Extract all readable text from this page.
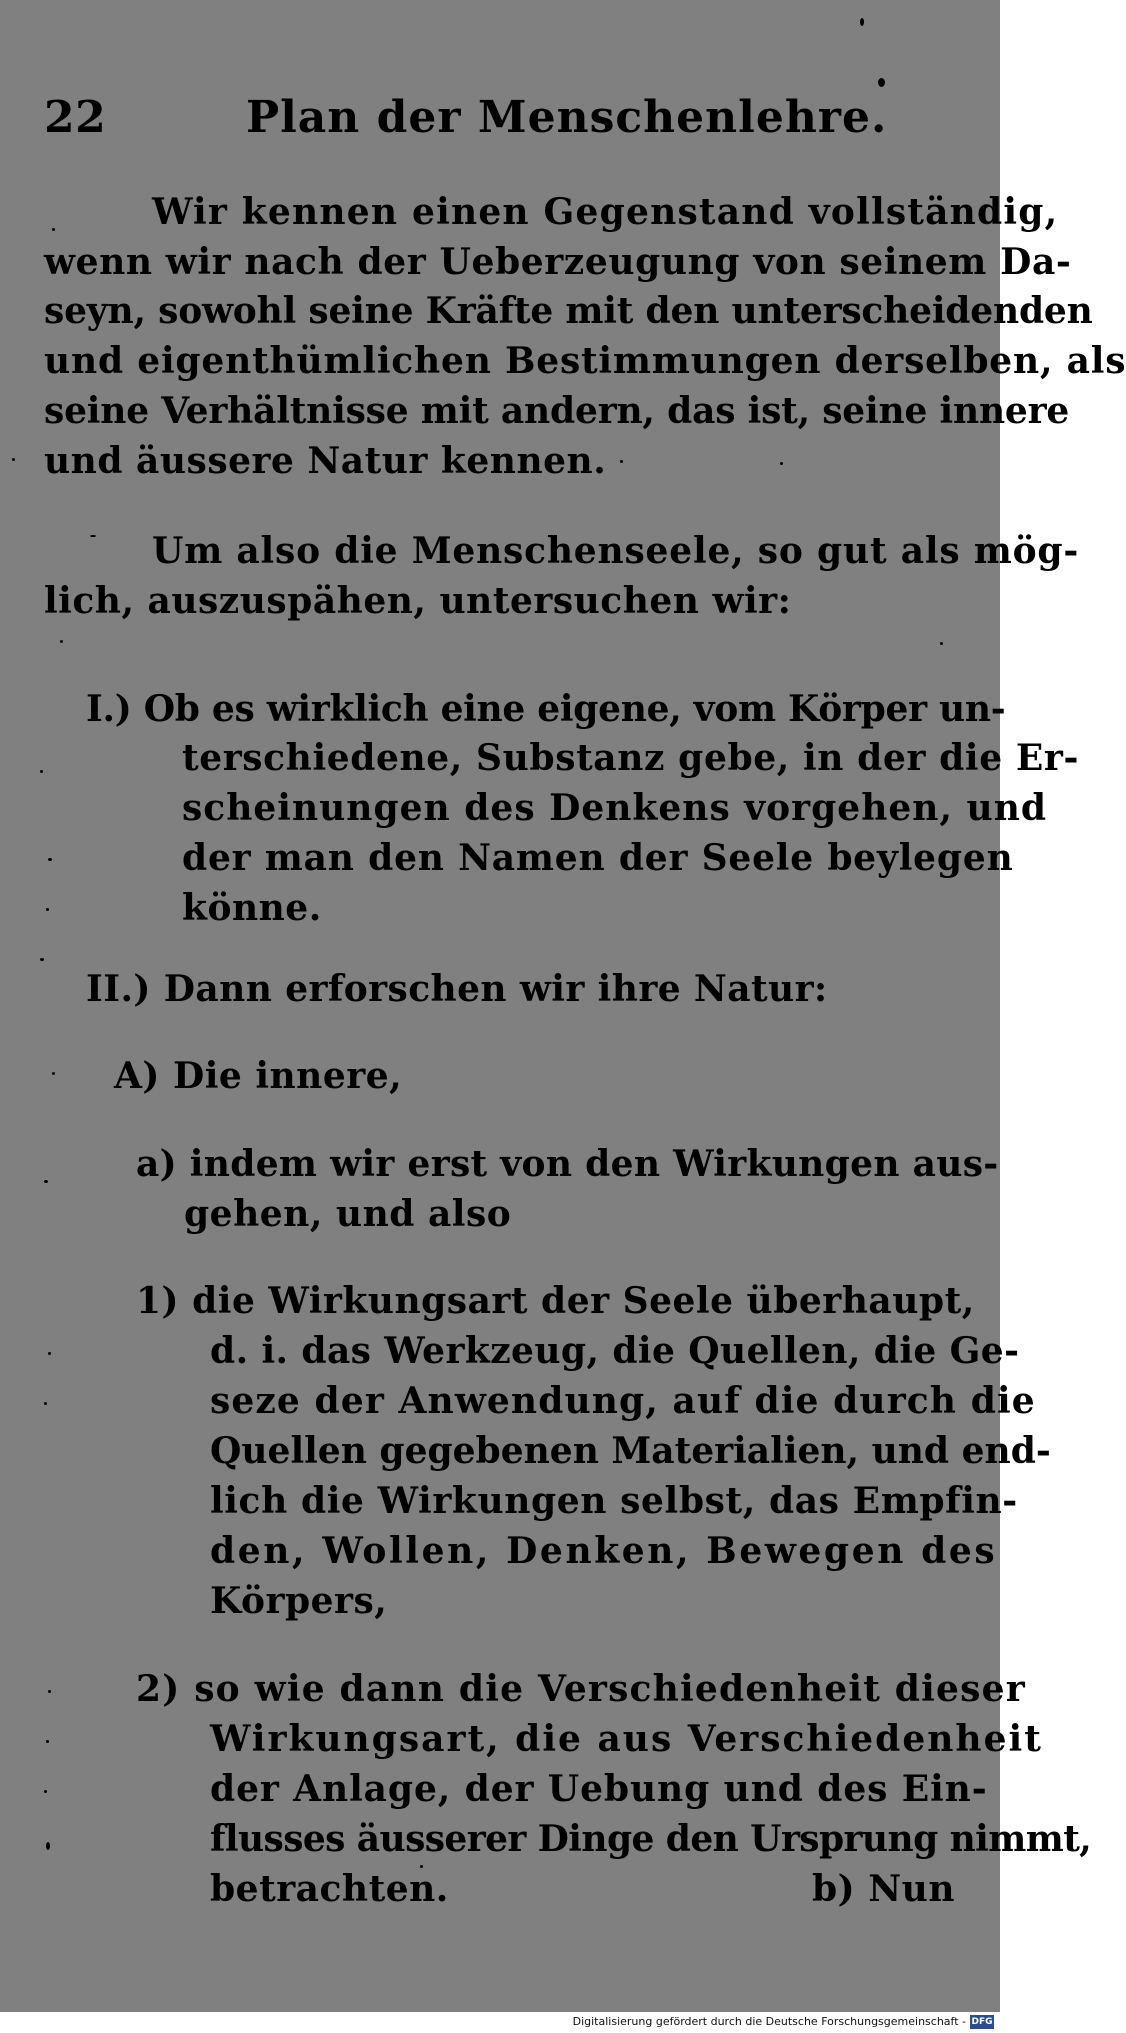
22	Plan der Menschenlehre.
Wir kennen einen Gegenstand vollständig,
wenn wir nach der Ueberzeugung von seinem Da-
seyn, sowohl seine Kräfte mit den unterscheidenden
und eigenthümlichen Bestimmungen derselben, als
seine Verhältnisse mit andern, das ist, seine innere
und äussere Natur kennen.
Um also die Menschenseele, so gut als mög-
lich, auszuspähen, untersuchen wir:
I.) Ob es wirklich eine eigene, vom Körper un-
terschiedene, Substanz gebe, in der die Er-
scheinungen des Denkens vorgehen, und
der man den Namen der Seele beylegen
könne.
II.) Dann erforschen wir ihre Natur:
A) Die innere,
a) indem wir erst von den Wirkungen aus-
gehen, und also
1) die Wirkungsart der Seele überhaupt,
d. i. das Werkzeug, die Quellen, die Ge-
seze der Anwendung, auf die durch die
Quellen gegebenen Materialien, und end-
lich die Wirkungen selbst, das Empfin-
den, Wollen, Denken, Bewegen des
Körpers,
2) so wie dann die Verschiedenheit dieser
Wirkungsart, die aus Verschiedenheit
der Anlage, der Uebung und des Ein-
flusses äusserer Dinge den Ursprung nimmt,
betrachten.	b) Nun
Digitalisierung gefördert durch die Deutsche Forschungsgemeinschaft - DFG
